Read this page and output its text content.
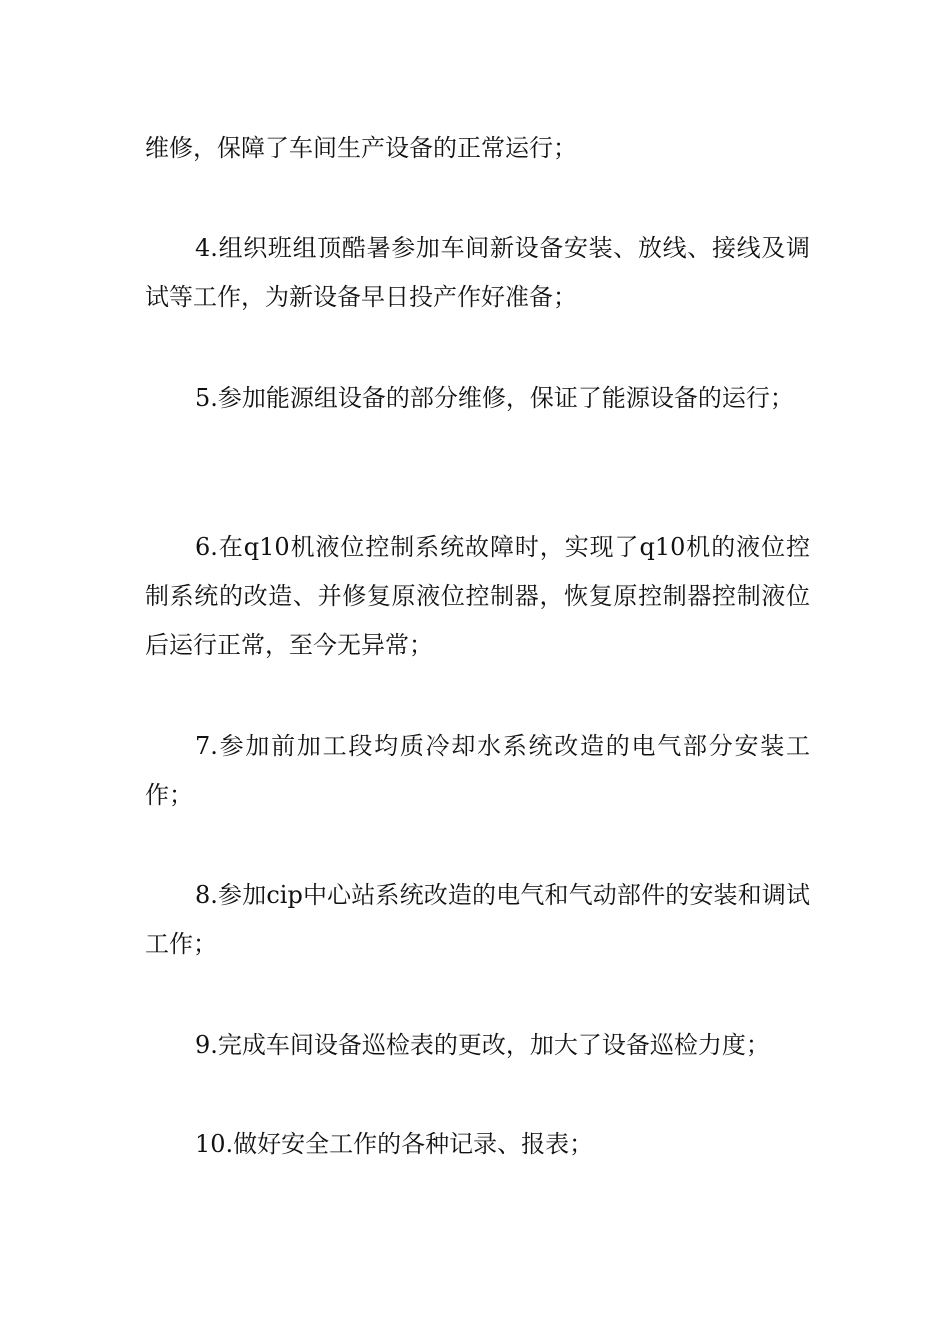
维修，保障了车间生产设备的正常运行；

4.组织班组顶酷暑参加车间新设备安装、放线、接线及调试等工作，为新设备早日投产作好准备；

5.参加能源组设备的部分维修，保证了能源设备的运行；

6.在q10机液位控制系统故障时，实现了q10机的液位控制系统的改造、并修复原液位控制器，恢复原控制器控制液位后运行正常，至今无异常；

7.参加前加工段均质冷却水系统改造的电气部分安装工作；

8.参加cip中心站系统改造的电气和气动部件的安装和调试工作；

9.完成车间设备巡检表的更改，加大了设备巡检力度；

10.做好安全工作的各种记录、报表；
